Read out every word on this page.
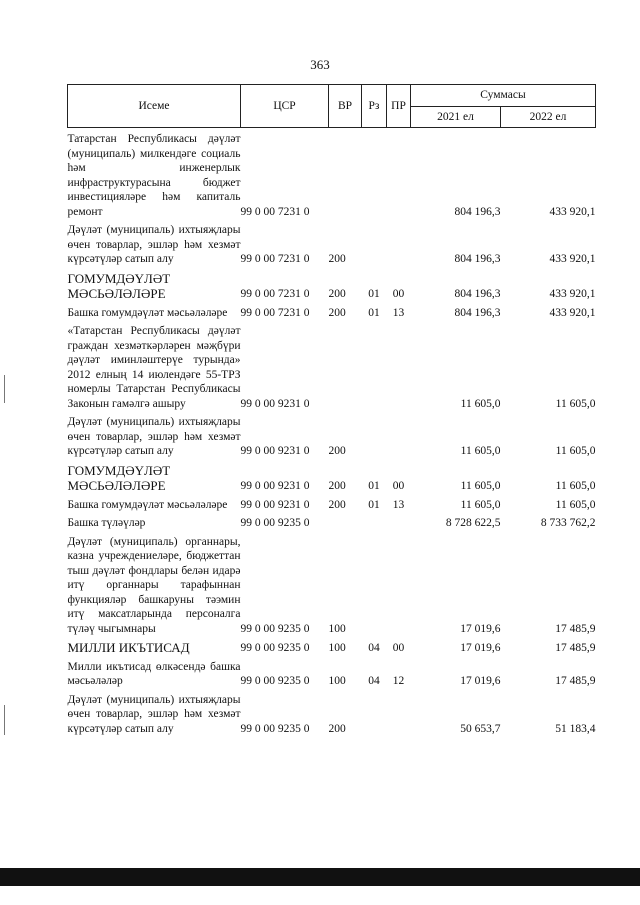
363
Исеме	ЦСР	ВР	Рз	ПР	Суммасы	
					2021 ел	2022 ел
Татарстан Республикасы дәүләт (муниципаль) милкендәге социаль һәм инженерлык инфраструктурасына бюджет инвестицияләре һәм капиталь ремонт	99 0 00 7231 0				804 196,3	433 920,1
Дәүләт (муниципаль) ихтыяҗлары өчен товарлар, эшләр һәм хезмәт күрсәтүләр сатып алу	99 0 00 7231 0	200			804 196,3	433 920,1
ГОМУМДӘҮЛӘТ МӘСЬӘЛӘЛӘРЕ	99 0 00 7231 0	200	01	00	804 196,3	433 920,1
Башка гомумдәүләт мәсьәләләре	99 0 00 7231 0	200	01	13	804 196,3	433 920,1
«Татарстан Республикасы дәүләт граждан хезмәткәрләрен мәҗбүри дәүләт иминләштерүе турында» 2012 елның 14 июлендәге 55-ТРЗ номерлы Татарстан Республикасы Законын гамәлгә ашыру	99 0 00 9231 0				11 605,0	11 605,0
Дәүләт (муниципаль) ихтыяҗлары өчен товарлар, эшләр һәм хезмәт күрсәтүләр сатып алу	99 0 00 9231 0	200			11 605,0	11 605,0
ГОМУМДӘҮЛӘТ МӘСЬӘЛӘЛӘРЕ	99 0 00 9231 0	200	01	00	11 605,0	11 605,0
Башка гомумдәүләт мәсьәләләре	99 0 00 9231 0	200	01	13	11 605,0	11 605,0
Башка түләүләр	99 0 00 9235 0				8 728 622,5	8 733 762,2
Дәүләт (муниципаль) органнары, казна учреждениеләре, бюджеттан тыш дәүләт фондлары белән идарә итү органнары тарафыннан функцияләр башкаруны тәэмин итү максатларында персоналга түләү чыгымнары	99 0 00 9235 0	100			17 019,6	17 485,9
МИЛЛИ ИКЪТИСАД	99 0 00 9235 0	100	04	00	17 019,6	17 485,9
Милли икътисад өлкәсендә башка мәсьәләләр	99 0 00 9235 0	100	04	12	17 019,6	17 485,9
Дәүләт (муниципаль) ихтыяҗлары өчен товарлар, эшләр һәм хезмәт күрсәтүләр сатып алу	99 0 00 9235 0	200			50 653,7	51 183,4
